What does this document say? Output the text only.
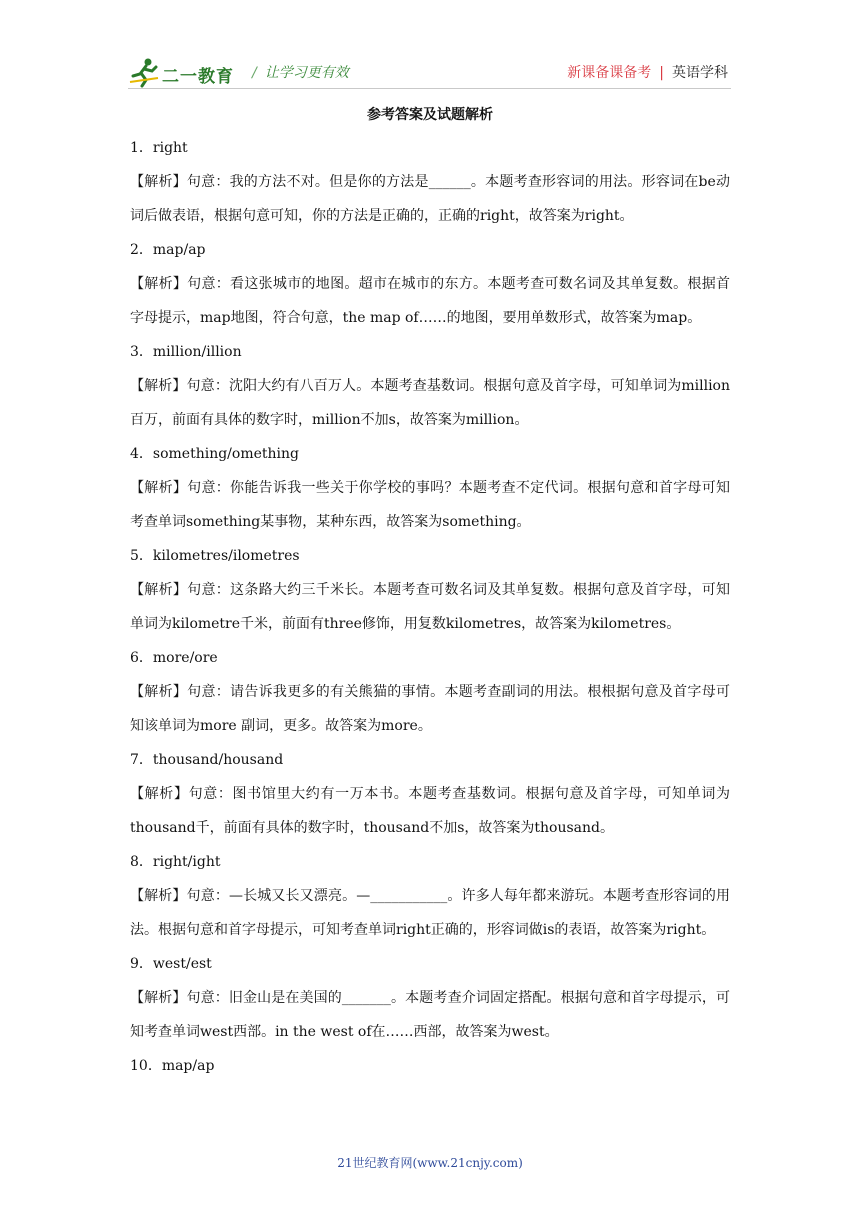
二一教育 / 让学习更有效	新课备课备考 | 英语学科
参考答案及试题解析

1．right

【解析】句意：我的方法不对。但是你的方法是______。本题考查形容词的用法。形容词在be动词后做表语，根据句意可知，你的方法是正确的，正确的right，故答案为right。

2．map/ap

【解析】句意：看这张城市的地图。超市在城市的东方。本题考查可数名词及其单复数。根据首字母提示，map地图，符合句意，the map of……的地图，要用单数形式，故答案为map。

3．million/illion

【解析】句意：沈阳大约有八百万人。本题考查基数词。根据句意及首字母，可知单词为million百万，前面有具体的数字时，million不加s，故答案为million。

4．something/omething

【解析】句意：你能告诉我一些关于你学校的事吗？本题考查不定代词。根据句意和首字母可知考查单词something某事物，某种东西，故答案为something。

5．kilometres/ilometres

【解析】句意：这条路大约三千米长。本题考查可数名词及其单复数。根据句意及首字母，可知单词为kilometre千米，前面有three修饰，用复数kilometres，故答案为kilometres。

6．more/ore

【解析】句意：请告诉我更多的有关熊猫的事情。本题考查副词的用法。根根据句意及首字母可知该单词为more 副词，更多。故答案为more。

7．thousand/housand

【解析】句意：图书馆里大约有一万本书。本题考查基数词。根据句意及首字母，可知单词为thousand千，前面有具体的数字时，thousand不加s，故答案为thousand。

8．right/ight

【解析】句意：—长城又长又漂亮。—___________。许多人每年都来游玩。本题考查形容词的用法。根据句意和首字母提示，可知考查单词right正确的，形容词做is的表语，故答案为right。

9．west/est

【解析】句意：旧金山是在美国的_______。本题考查介词固定搭配。根据句意和首字母提示，可知考查单词west西部。in the west of在……西部，故答案为west。

10．map/ap

21世纪教育网(www.21cnjy.com)
